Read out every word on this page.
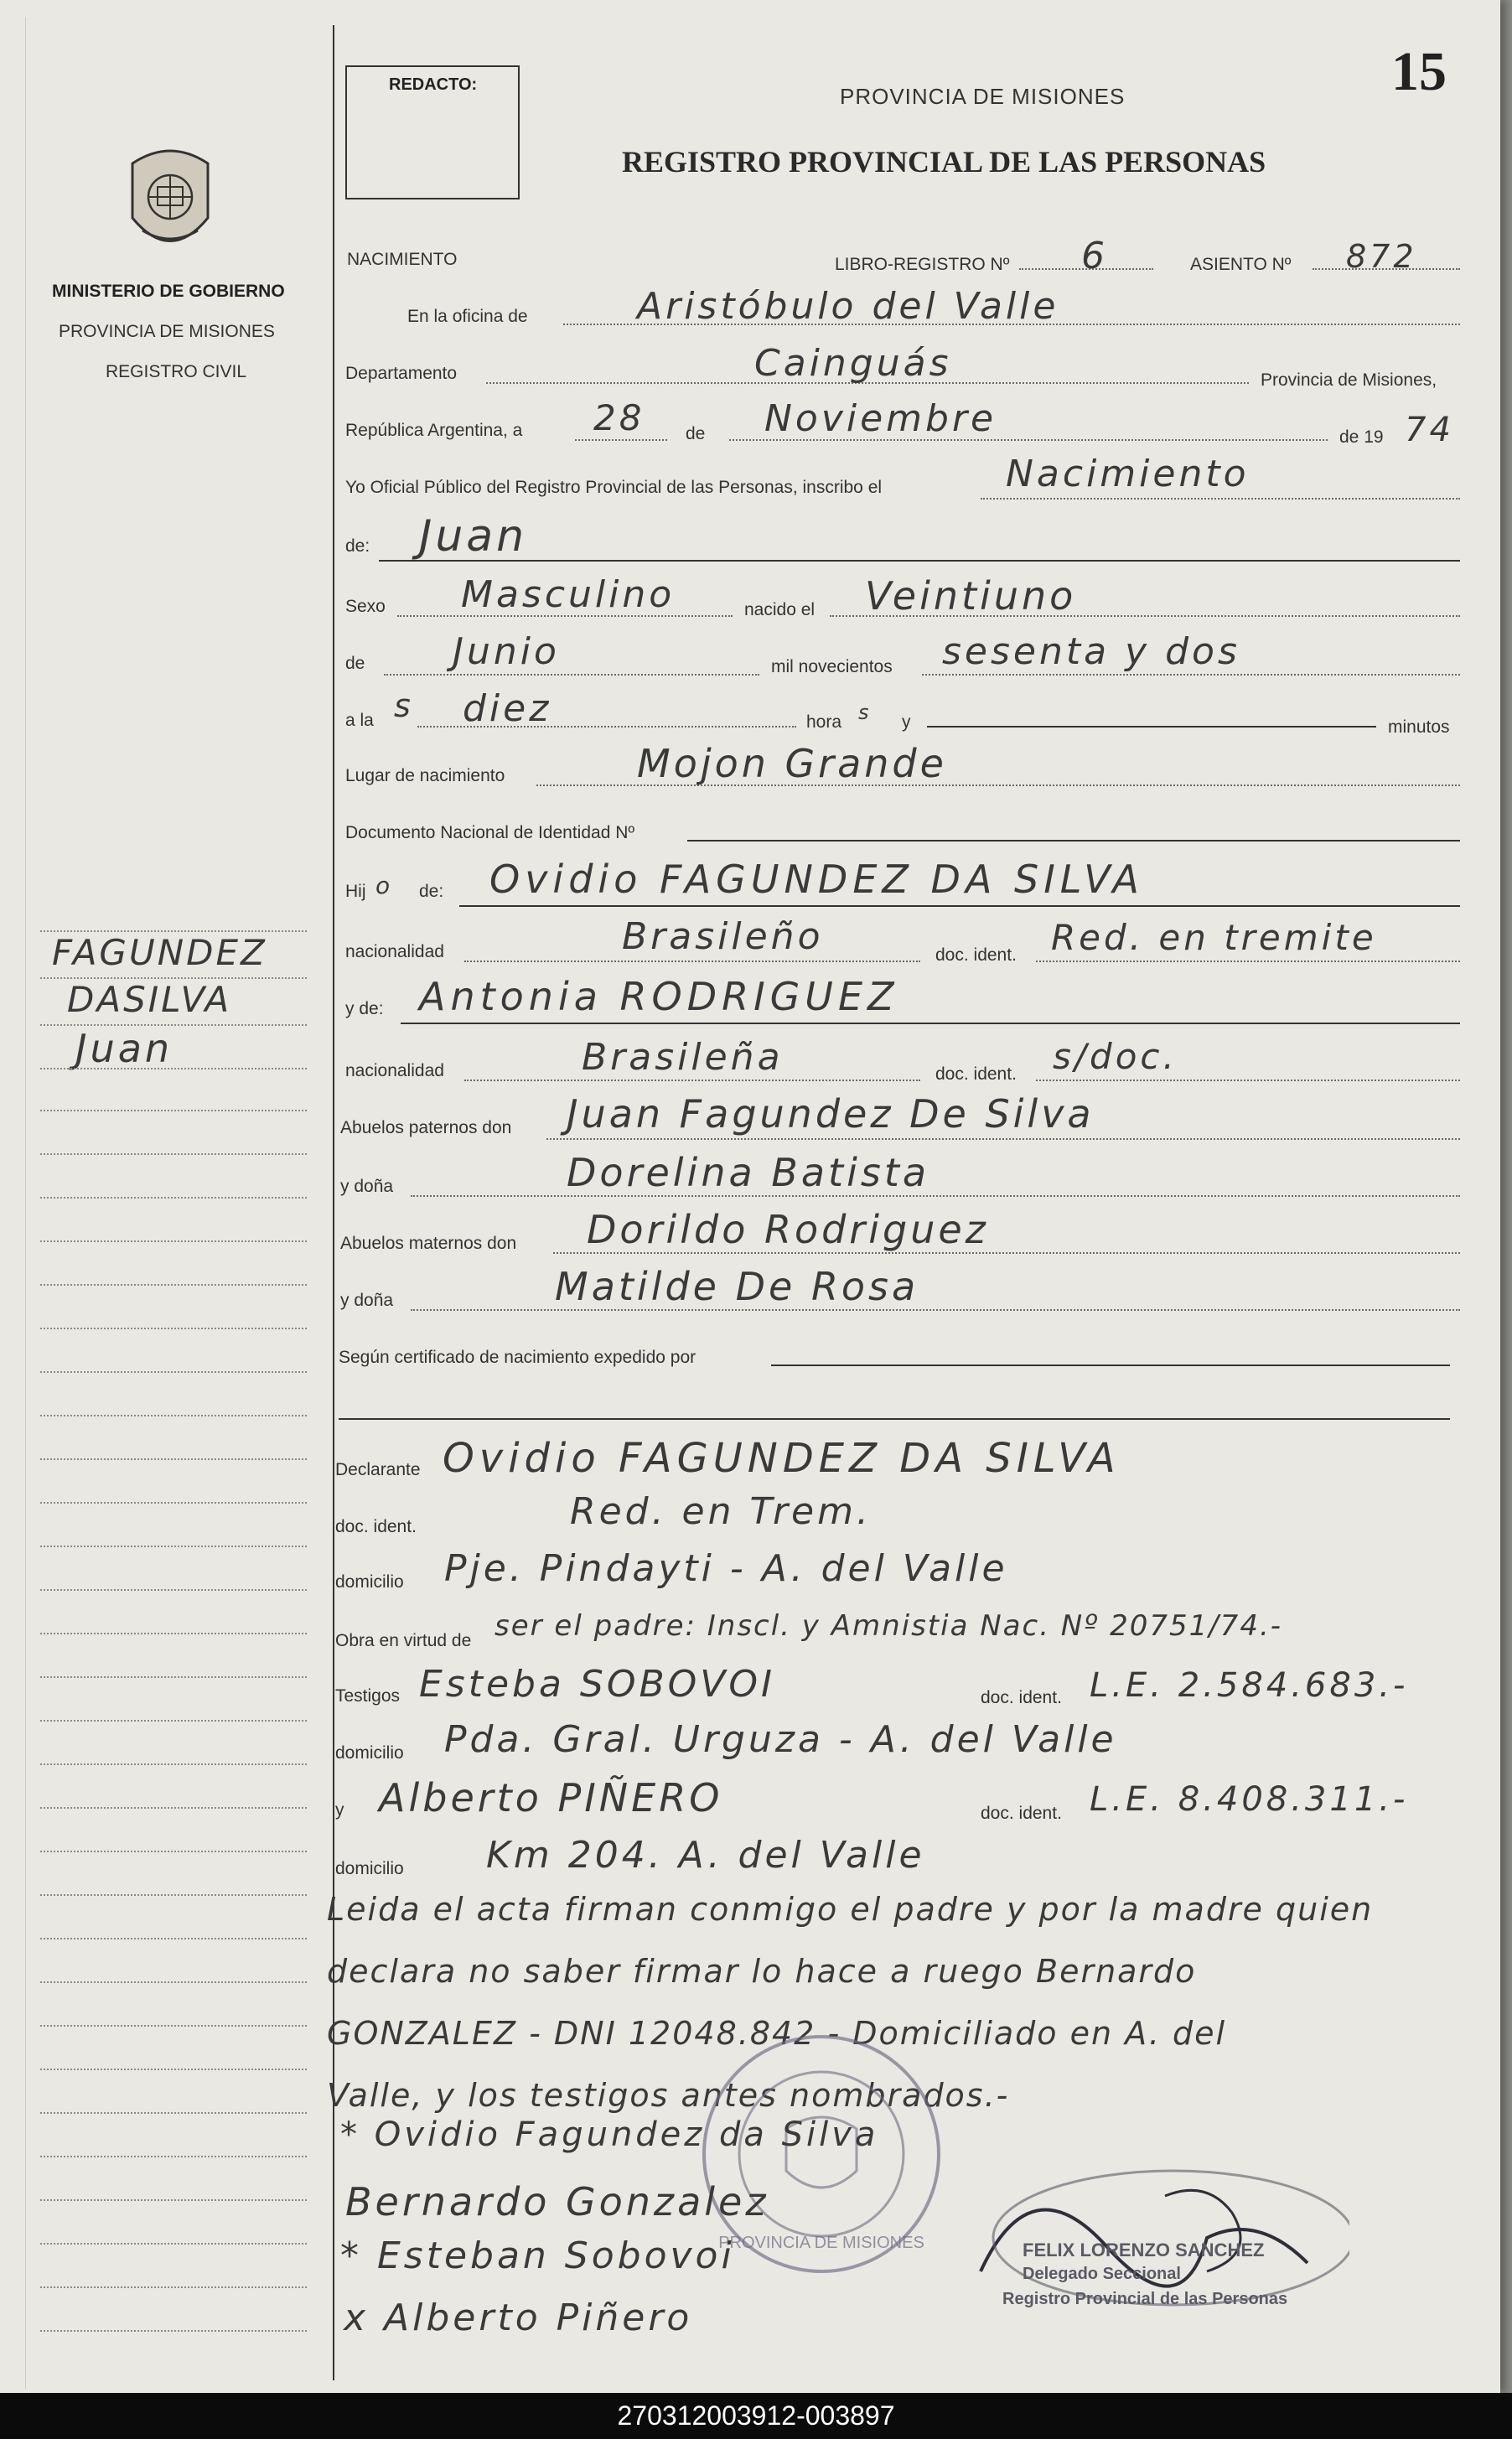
15
MINISTERIO DE GOBIERNO
PROVINCIA DE MISIONES
REGISTRO CIVIL
FAGUNDEZ
DASILVA
Juan
REDACTO:	PROVINCIA DE MISIONES
REGISTRO PROVINCIAL DE LAS PERSONAS
NACIMIENTO	LIBRO-REGISTRO Nº 6	ASIENTO Nº 872
En la oficina de	Aristóbulo del Valle
Departamento	Cainguás	Provincia de Misiones,
República Argentina, a 28 de Noviembre	de 19 74
Yo Oficial Público del Registro Provincial de las Personas, inscribo el	Nacimiento
de: Juan
Sexo Masculino	nacido el Veintiuno
de Junio	mil novecientos sesenta y dos
a la s diez	hora s y	minutos
Lugar de nacimiento	Mojon Grande
Documento Nacional de Identidad Nº
Hij o de: Ovidio FAGUNDEZ DA SILVA
nacionalidad	Brasileño	doc. ident. Red. en tremite
y de: Antonia RODRIGUEZ
nacionalidad	Brasileña	doc. ident. s/doc.
Abuelos paternos don Juan Fagundez De Silva
y doña	Dorelina Batista
Abuelos maternos don Dorildo Rodriguez
y doña	Matilde De Rosa
Según certificado de nacimiento expedido por
Declarante Ovidio FAGUNDEZ DA SILVA
doc. ident.	Red. en Trem.
domicilio Pje. Pindayti - A. del Valle
Obra en virtud de ser el padre: Inscl. y Amnistia Nac. Nº 20751/74.-
Testigos Esteba SOBOVOI	doc. ident. L.E. 2.584.683.-
domicilio Pda. Gral. Urguza - A. del Valle
y Alberto PIÑERO	doc. ident. L.E. 8.408.311.-
domicilio Km 204. A. del Valle
Leida el acta firman conmigo el padre y por la madre quien
declara no saber firmar lo hace a ruego Bernardo
GONZALEZ - DNI 12048.842 - Domiciliado en A. del
Valle, y los testigos antes nombrados.-
PROVINCIA DE MISIONES
* Ovidio Fagundez da Silva
Bernardo Gonzalez
* Esteban Sobovoi
x Alberto Piñero
FELIX LORENZO SANCHEZ
Delegado Seccional
Registro Provincial de las Personas
270312003912-003897
